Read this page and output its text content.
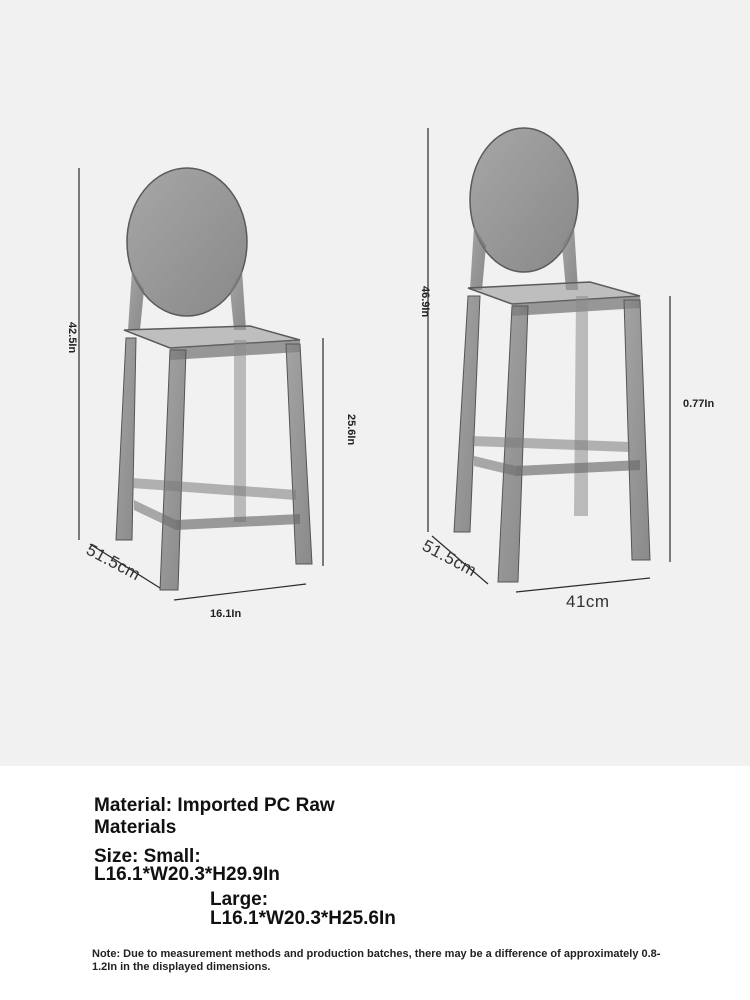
42.5In
25.6In
51.5cm
16.1In
46.9In
0.77In
51.5cm
41cm
Material: Imported PC Raw
Materials
Size: Small:
L16.1*W20.3*H29.9In
Large:
L16.1*W20.3*H25.6In
Note: Due to measurement methods and production batches, there may be a difference of approximately 0.8-1.2In in the displayed dimensions.
